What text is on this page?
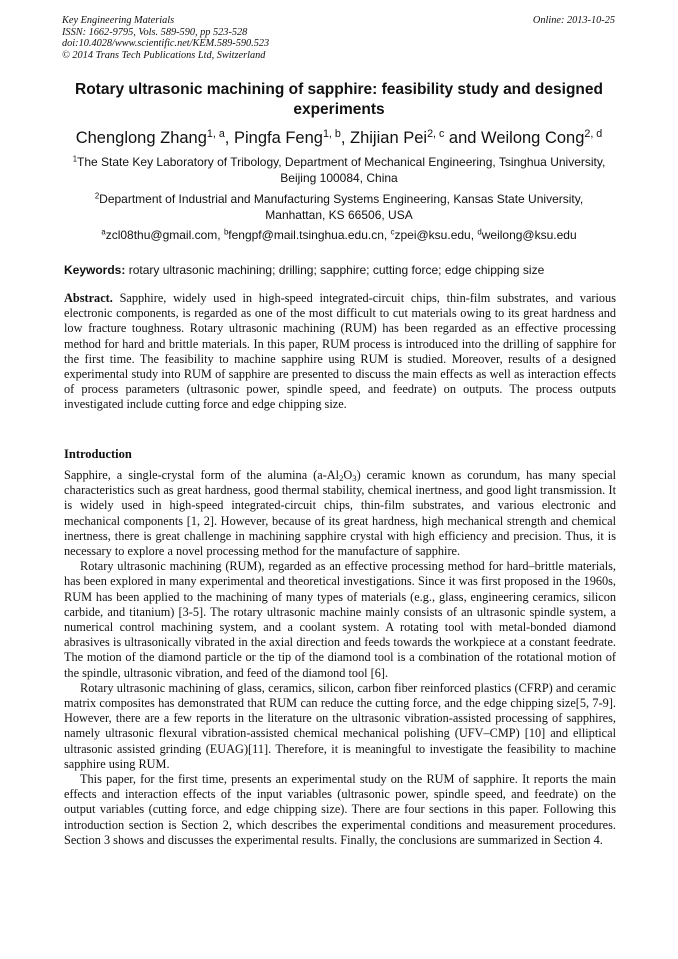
Key Engineering Materials	Online: 2013-10-25
ISSN: 1662-9795, Vols. 589-590, pp 523-528
doi:10.4028/www.scientific.net/KEM.589-590.523
© 2014 Trans Tech Publications Ltd, Switzerland
Rotary ultrasonic machining of sapphire: feasibility study and designed experiments
Chenglong Zhang$^{1, a}$, Pingfa Feng$^{1, b}$, Zhijian Pei$^{2, c}$ and Weilong Cong$^{2, d}$
$^1$The State Key Laboratory of Tribology, Department of Mechanical Engineering, Tsinghua University, Beijing 100084, China
$^2$Department of Industrial and Manufacturing Systems Engineering, Kansas State University, Manhattan, KS 66506, USA
$^a$zcl08thu@gmail.com, $^b$fengpf@mail.tsinghua.edu.cn, $^c$zpei@ksu.edu, $^d$weilong@ksu.edu
Keywords: rotary ultrasonic machining; drilling; sapphire; cutting force; edge chipping size

Abstract. Sapphire, widely used in high-speed integrated-circuit chips, thin-film substrates, and various electronic components, is regarded as one of the most difficult to cut materials owing to its great hardness and low fracture toughness. Rotary ultrasonic machining (RUM) has been regarded as an effective processing method for hard and brittle materials. In this paper, RUM process is introduced into the drilling of sapphire for the first time. The feasibility to machine sapphire using RUM is studied. Moreover, results of a designed experimental study into RUM of sapphire are presented to discuss the main effects as well as interaction effects of process parameters (ultrasonic power, spindle speed, and feedrate) on outputs. The process outputs investigated include cutting force and edge chipping size.

Introduction

Sapphire, a single-crystal form of the alumina $(a-Al_2O_3)$ ceramic known as corundum, has many special characteristics such as great hardness, good thermal stability, chemical inertness, and good light transmission. It is widely used in high-speed integrated-circuit chips, thin-film substrates, and various electronic and mechanical components [1, 2]. However, because of its great hardness, high mechanical strength and chemical inertness, there is great challenge in machining sapphire crystal with high efficiency and precision. Thus, it is necessary to explore a novel processing method for the manufacture of sapphire.

Rotary ultrasonic machining (RUM), regarded as an effective processing method for hard–brittle materials, has been explored in many experimental and theoretical investigations. Since it was first proposed in the 1960s, RUM has been applied to the machining of many types of materials (e.g., glass, engineering ceramics, silicon carbide, and titanium) [3-5]. The rotary ultrasonic machine mainly consists of an ultrasonic spindle system, a numerical control machining system, and a coolant system. A rotating tool with metal-bonded diamond abrasives is ultrasonically vibrated in the axial direction and feeds towards the workpiece at a constant feedrate. The motion of the diamond particle or the tip of the diamond tool is a combination of the rotational motion of the spindle, ultrasonic vibration, and feed of the diamond tool [6].

Rotary ultrasonic machining of glass, ceramics, silicon, carbon fiber reinforced plastics (CFRP) and ceramic matrix composites has demonstrated that RUM can reduce the cutting force, and the edge chipping size[5, 7-9]. However, there are a few reports in the literature on the ultrasonic vibration-assisted processing of sapphires, namely ultrasonic flexural vibration-assisted chemical mechanical polishing (UFV–CMP) [10] and elliptical ultrasonic assisted grinding (EUAG)[11]. Therefore, it is meaningful to investigate the feasibility to machine sapphire using RUM.

This paper, for the first time, presents an experimental study on the RUM of sapphire. It reports the main effects and interaction effects of the input variables (ultrasonic power, spindle speed, and feedrate) on the output variables (cutting force, and edge chipping size). There are four sections in this paper. Following this introduction section is Section 2, which describes the experimental conditions and measurement procedures. Section 3 shows and discusses the experimental results. Finally, the conclusions are summarized in Section 4.
